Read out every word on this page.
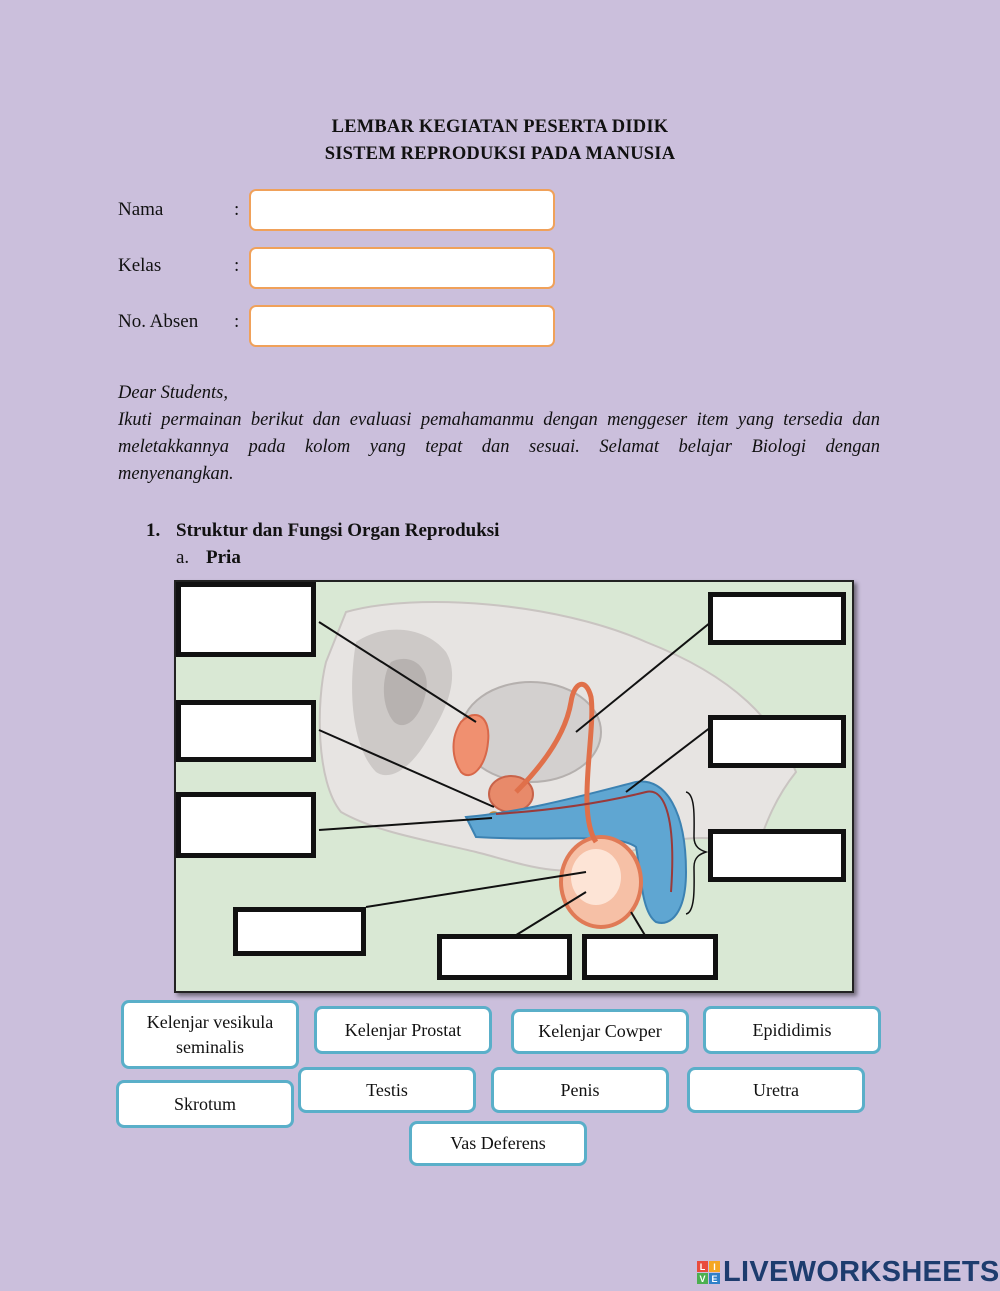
LEMBAR KEGIATAN PESERTA DIDIK
SISTEM REPRODUKSI PADA MANUSIA
Nama	:
Kelas	:
No. Absen :

Dear Students,

Ikuti permainan berikut dan evaluasi pemahamanmu dengan menggeser item yang tersedia dan

meletakkannya pada kolom yang tepat dan sesuai. Selamat belajar Biologi dengan

menyenangkan.

1. Struktur dan Fungsi Organ Reproduksi
a. Pria
Kelenjar vesikula seminalis
Kelenjar Prostat	Kelenjar Cowper	Epididimis
Skrotum
Testis	Penis	Uretra
Vas Deferens
L I
V E LIVEWORKSHEETS
